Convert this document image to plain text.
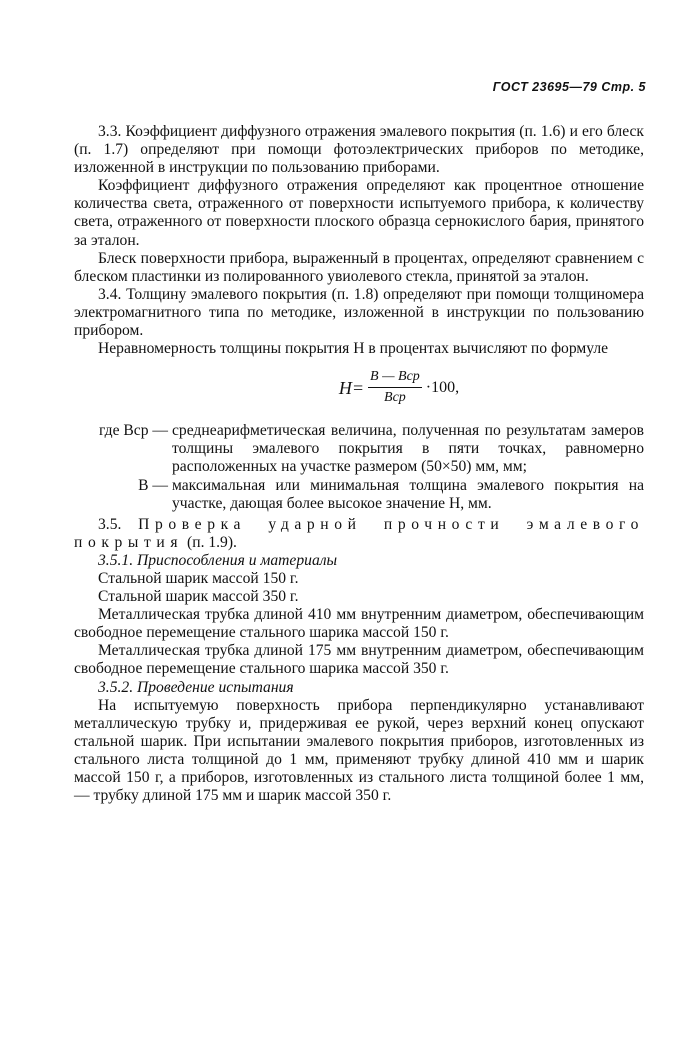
ГОСТ 23695—79 Стр. 5

3.3. Коэффициент диффузного отражения эмалевого покрытия (п. 1.6) и его блеск (п. 1.7) определяют при помощи фотоэлектрических приборов по методике, изложенной в инструкции по пользованию приборами.

Коэффициент диффузного отражения определяют как процентное отношение количества света, отраженного от поверхности испытуемого прибора, к количеству света, отраженного от поверхности плоского образца сернокислого бария, принятого за эталон.

Блеск поверхности прибора, выраженный в процентах, определяют сравнением с блеском пластинки из полированного увиолевого стекла, принятой за эталон.

3.4. Толщину эмалевого покрытия (п. 1.8) определяют при помощи толщиномера электромагнитного типа по методике, изложенной в инструкции по пользованию прибором.

Неравномерность толщины покрытия H в процентах вычисляют по формуле

$H= \frac{\text{B — Bср}}{\text{Bср}} \cdot 100$,
где Bср — среднеарифметическая величина, полученная по результатам замеров толщины эмалевого покрытия в пяти точках, равномерно расположенных на участке размером (50×50) мм, мм;
B — максимальная или минимальная толщина эмалевого покрытия на участке, дающая более высокое значение H, мм.

3.5. Проверка ударной прочности эмалевого покрытия (п. 1.9).

3.5.1. Приспособления и материалы

Стальной шарик массой 150 г.

Стальной шарик массой 350 г.

Металлическая трубка длиной 410 мм внутренним диаметром, обеспечивающим свободное перемещение стального шарика массой 150 г.

Металлическая трубка длиной 175 мм внутренним диаметром, обеспечивающим свободное перемещение стального шарика массой 350 г.

3.5.2. Проведение испытания

На испытуемую поверхность прибора перпендикулярно устанавливают металлическую трубку и, придерживая ее рукой, через верхний конец опускают стальной шарик. При испытании эмалевого покрытия приборов, изготовленных из стального листа толщиной до 1 мм, применяют трубку длиной 410 мм и шарик массой 150 г, а приборов, изготовленных из стального листа толщиной более 1 мм, — трубку длиной 175 мм и шарик массой 350 г.
